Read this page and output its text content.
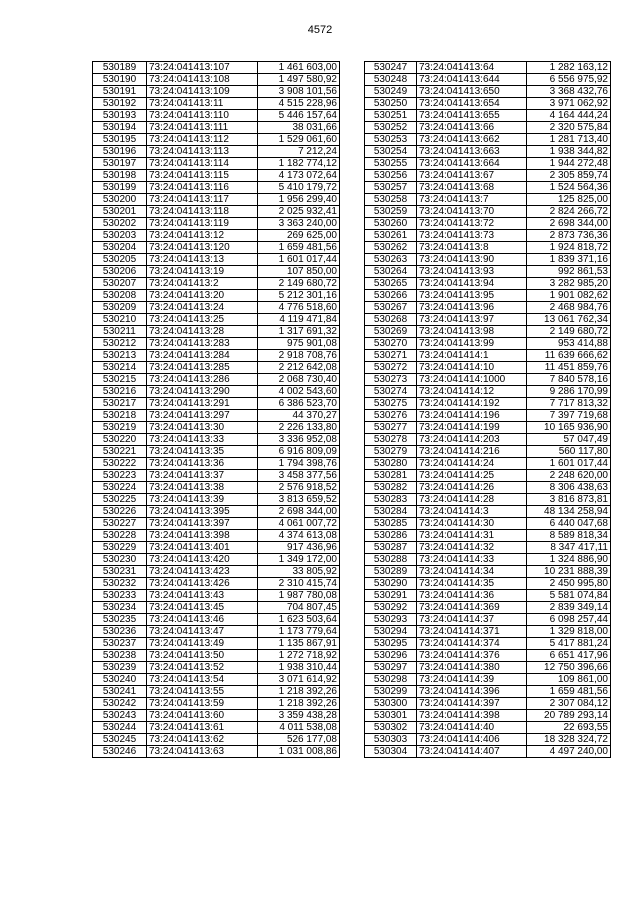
4572
530189	73:24:041413:107	1 461 603,00
530190	73:24:041413:108	1 497 580,92
530191	73:24:041413:109	3 908 101,56
530192	73:24:041413:11	4 515 228,96
530193	73:24:041413:110	5 446 157,64
530194	73:24:041413:111	38 031,66
530195	73:24:041413:112	1 529 061,60
530196	73:24:041413:113	7 212,24
530197	73:24:041413:114	1 182 774,12
530198	73:24:041413:115	4 173 072,64
530199	73:24:041413:116	5 410 179,72
530200	73:24:041413:117	1 956 299,40
530201	73:24:041413:118	2 025 932,41
530202	73:24:041413:119	3 363 240,00
530203	73:24:041413:12	269 625,00
530204	73:24:041413:120	1 659 481,56
530205	73:24:041413:13	1 601 017,44
530206	73:24:041413:19	107 850,00
530207	73:24:041413:2	2 149 680,72
530208	73:24:041413:20	5 212 301,16
530209	73:24:041413:24	4 776 518,60
530210	73:24:041413:25	4 119 471,84
530211	73:24:041413:28	1 317 691,32
530212	73:24:041413:283	975 901,08
530213	73:24:041413:284	2 918 708,76
530214	73:24:041413:285	2 212 642,08
530215	73:24:041413:286	2 068 730,40
530216	73:24:041413:290	4 002 543,60
530217	73:24:041413:291	6 386 523,70
530218	73:24:041413:297	44 370,27
530219	73:24:041413:30	2 226 133,80
530220	73:24:041413:33	3 336 952,08
530221	73:24:041413:35	6 916 809,09
530222	73:24:041413:36	1 794 398,76
530223	73:24:041413:37	3 458 377,56
530224	73:24:041413:38	2 576 918,52
530225	73:24:041413:39	3 813 659,52
530226	73:24:041413:395	2 698 344,00
530227	73:24:041413:397	4 061 007,72
530228	73:24:041413:398	4 374 613,08
530229	73:24:041413:401	917 436,96
530230	73:24:041413:420	1 349 172,00
530231	73:24:041413:423	33 805,92
530232	73:24:041413:426	2 310 415,74
530233	73:24:041413:43	1 987 780,08
530234	73:24:041413:45	704 807,45
530235	73:24:041413:46	1 623 503,64
530236	73:24:041413:47	1 173 779,64
530237	73:24:041413:49	1 135 867,91
530238	73:24:041413:50	1 272 718,92
530239	73:24:041413:52	1 938 310,44
530240	73:24:041413:54	3 071 614,92
530241	73:24:041413:55	1 218 392,26
530242	73:24:041413:59	1 218 392,26
530243	73:24:041413:60	3 359 438,28
530244	73:24:041413:61	4 011 538,08
530245	73:24:041413:62	526 177,08
530246	73:24:041413:63	1 031 008,86
530247	73:24:041413:64	1 282 163,12
530248	73:24:041413:644	6 556 975,92
530249	73:24:041413:650	3 368 432,76
530250	73:24:041413:654	3 971 062,92
530251	73:24:041413:655	4 164 444,24
530252	73:24:041413:66	2 320 575,84
530253	73:24:041413:662	1 281 713,40
530254	73:24:041413:663	1 938 344,82
530255	73:24:041413:664	1 944 272,48
530256	73:24:041413:67	2 305 859,74
530257	73:24:041413:68	1 524 564,36
530258	73:24:041413:7	125 825,00
530259	73:24:041413:70	2 824 266,72
530260	73:24:041413:72	2 698 344,00
530261	73:24:041413:73	2 873 736,36
530262	73:24:041413:8	1 924 818,72
530263	73:24:041413:90	1 839 371,16
530264	73:24:041413:93	992 861,53
530265	73:24:041413:94	3 282 985,20
530266	73:24:041413:95	1 901 082,62
530267	73:24:041413:96	2 468 984,76
530268	73:24:041413:97	13 061 762,34
530269	73:24:041413:98	2 149 680,72
530270	73:24:041413:99	953 414,88
530271	73:24:041414:1	11 639 666,62
530272	73:24:041414:10	11 451 859,76
530273	73:24:041414:1000	7 840 578,16
530274	73:24:041414:12	9 286 170,99
530275	73:24:041414:192	7 717 813,32
530276	73:24:041414:196	7 397 719,68
530277	73:24:041414:199	10 165 936,90
530278	73:24:041414:203	57 047,49
530279	73:24:041414:216	560 117,80
530280	73:24:041414:24	1 601 017,44
530281	73:24:041414:25	2 248 620,00
530282	73:24:041414:26	8 306 438,63
530283	73:24:041414:28	3 816 873,81
530284	73:24:041414:3	48 134 258,94
530285	73:24:041414:30	6 440 047,68
530286	73:24:041414:31	8 589 818,34
530287	73:24:041414:32	8 347 417,11
530288	73:24:041414:33	1 324 886,90
530289	73:24:041414:34	10 231 888,39
530290	73:24:041414:35	2 450 995,80
530291	73:24:041414:36	5 581 074,84
530292	73:24:041414:369	2 839 349,14
530293	73:24:041414:37	6 098 257,44
530294	73:24:041414:371	1 329 818,00
530295	73:24:041414:374	5 417 881,24
530296	73:24:041414:376	6 651 417,96
530297	73:24:041414:380	12 750 396,66
530298	73:24:041414:39	109 861,00
530299	73:24:041414:396	1 659 481,56
530300	73:24:041414:397	2 307 084,12
530301	73:24:041414:398	20 789 293,14
530302	73:24:041414:40	22 693,55
530303	73:24:041414:406	18 328 324,72
530304	73:24:041414:407	4 497 240,00
